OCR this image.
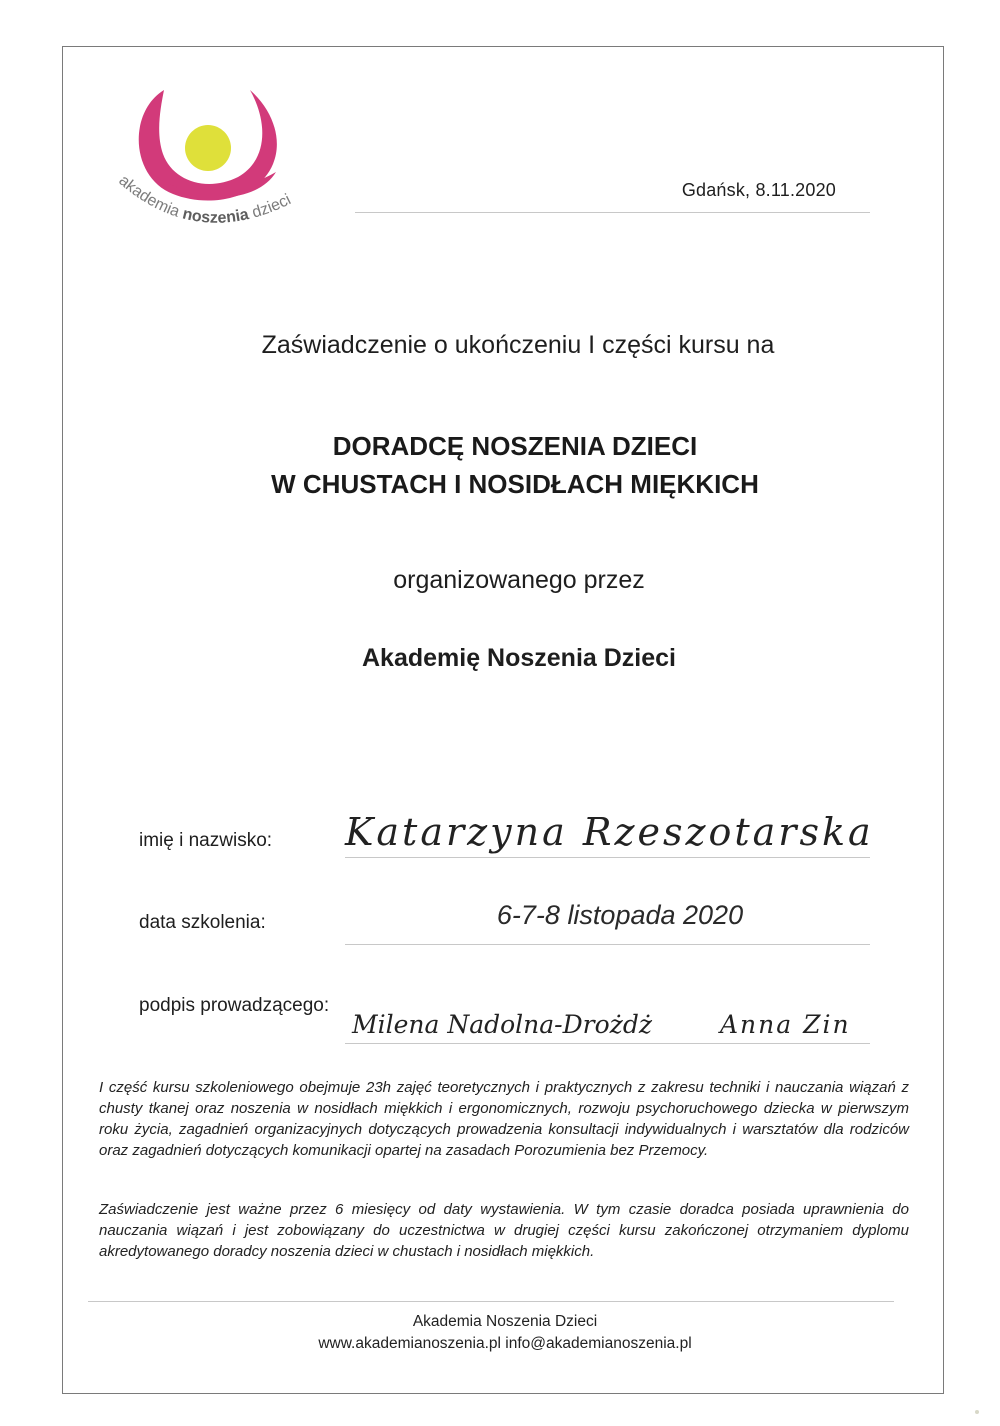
akademia noszenia dzieci	Gdańsk, 8.11.2020
Zaświadczenie o ukończeniu I części kursu na
DORADCĘ NOSZENIA DZIECI
W CHUSTACH I NOSIDŁACH MIĘKKICH
organizowanego przez
Akademię Noszenia Dzieci
imię i nazwisko: Katarzyna Rzeszotarska
data szkolenia:	6-7-8 listopada 2020
podpis prowadzącego:
Milena Nadolna-Drożdż	Anna Zin
I część kursu szkoleniowego obejmuje 23h zajęć teoretycznych i praktycznych z zakresu techniki i nauczania wiązań z chusty tkanej oraz noszenia w nosidłach miękkich i ergonomicznych, rozwoju psychoruchowego dziecka w pierwszym roku życia, zagadnień organizacyjnych dotyczących prowadzenia konsultacji indywidualnych i warsztatów dla rodziców oraz zagadnień dotyczących komunikacji opartej na zasadach Porozumienia bez Przemocy.
Zaświadczenie jest ważne przez 6 miesięcy od daty wystawienia. W tym czasie doradca posiada uprawnienia do nauczania wiązań i jest zobowiązany do uczestnictwa w drugiej części kursu zakończonej otrzymaniem dyplomu akredytowanego doradcy noszenia dzieci w chustach i nosidłach miękkich.
Akademia Noszenia Dzieci
www.akademianoszenia.pl info@akademianoszenia.pl
